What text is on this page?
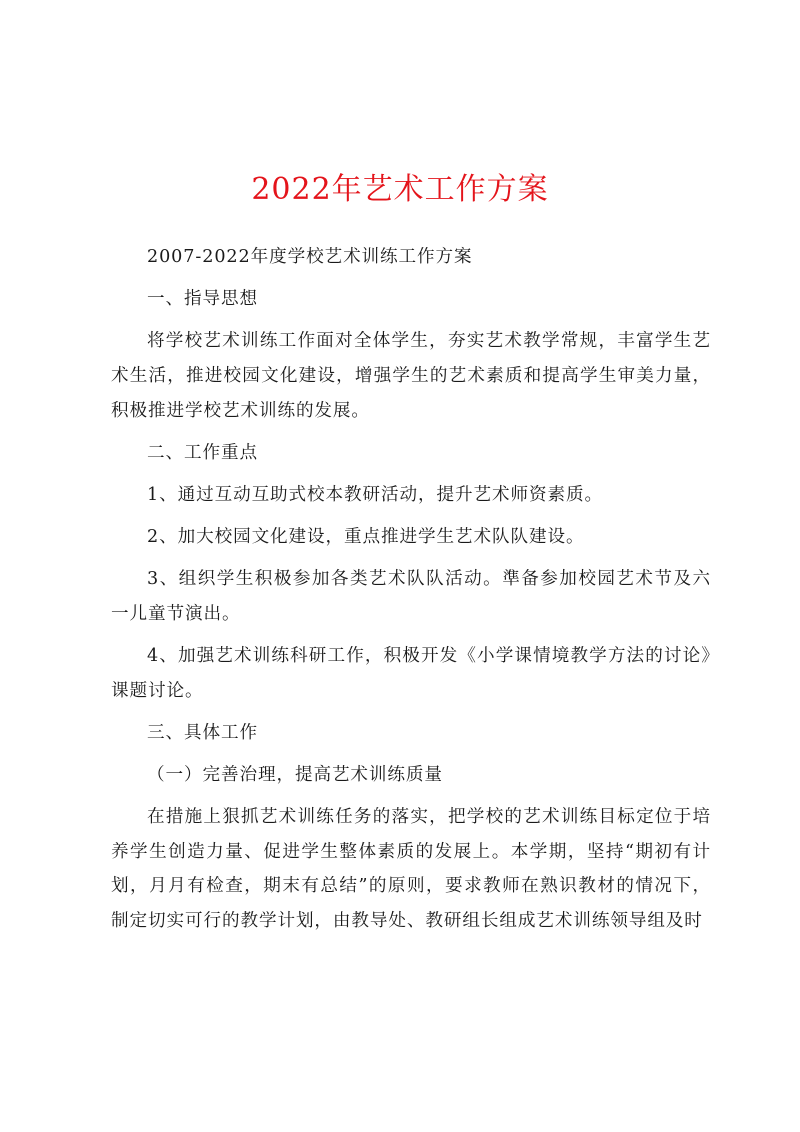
2022年艺术工作方案

2007-2022年度学校艺术训练工作方案

一、指导思想

将学校艺术训练工作面对全体学生，夯实艺术教学常规，丰富学生艺术生活，推进校园文化建设，增强学生的艺术素质和提高学生审美力量，积极推进学校艺术训练的发展。

二、工作重点

1、通过互动互助式校本教研活动，提升艺术师资素质。

2、加大校园文化建设，重点推进学生艺术队队建设。

3、组织学生积极参加各类艺术队队活动。準备参加校园艺术节及六一儿童节演出。

4、加强艺术训练科研工作，积极开发《小学课情境教学方法的讨论》课题讨论。

三、具体工作

（一）完善治理，提高艺术训练质量

在措施上狠抓艺术训练任务的落实，把学校的艺术训练目标定位于培养学生创造力量、促进学生整体素质的发展上。本学期，坚持“期初有计划，月月有检查，期末有总结”的原则，要求教师在熟识教材的情况下，制定切实可行的教学计划，由教导处、教研组长组成艺术训练领导组及时
